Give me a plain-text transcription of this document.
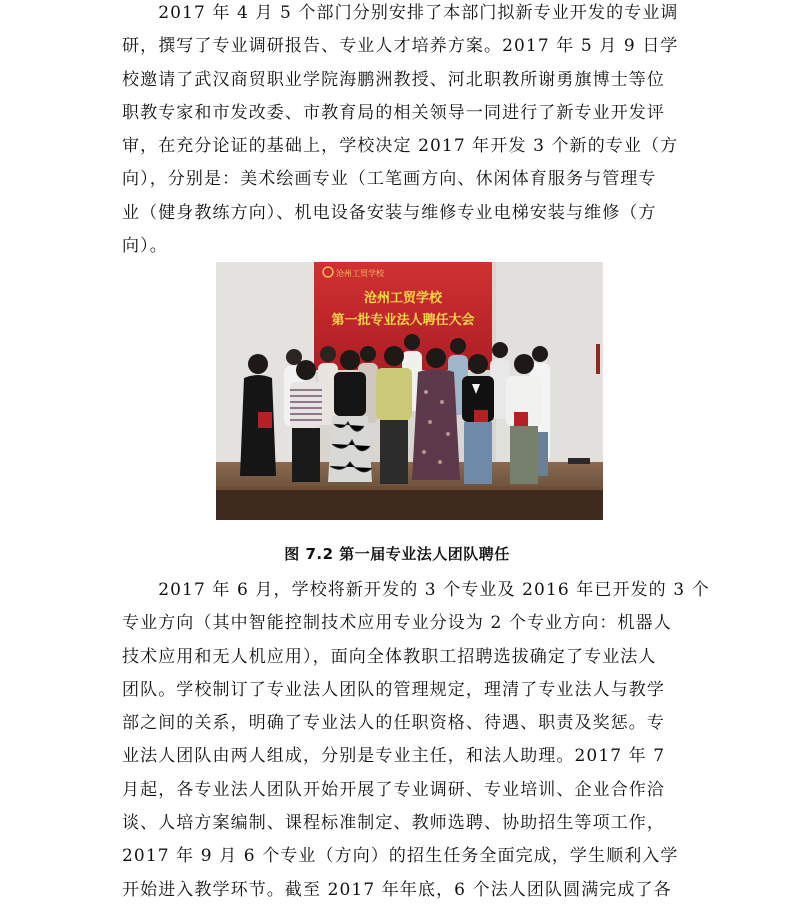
　　2017 年 4 月 5 个部门分别安排了本部门拟新专业开发的专业调
研，撰写了专业调研报告、专业人才培养方案。2017 年 5 月 9 日学
校邀请了武汉商贸职业学院海鹏洲教授、河北职教所谢勇旗博士等位
职教专家和市发改委、市教育局的相关领导一同进行了新专业开发评
审，在充分论证的基础上，学校决定 2017 年开发 3 个新的专业（方
向），分别是：美术绘画专业（工笔画方向、休闲体育服务与管理专
业（健身教练方向）、机电设备安装与维修专业电梯安装与维修（方
向）。
沧州工贸学校
沧州工贸学校
第一批专业法人聘任大会
图 7.2 第一届专业法人团队聘任
　　2017 年 6 月，学校将新开发的 3 个专业及 2016 年已开发的 3 个
专业方向（其中智能控制技术应用专业分设为 2 个专业方向：机器人
技术应用和无人机应用），面向全体教职工招聘选拔确定了专业法人
团队。学校制订了专业法人团队的管理规定，理清了专业法人与教学
部之间的关系，明确了专业法人的任职资格、待遇、职责及奖惩。专
业法人团队由两人组成，分别是专业主任，和法人助理。2017 年 7
月起，各专业法人团队开始开展了专业调研、专业培训、企业合作洽
谈、人培方案编制、课程标准制定、教师选聘、协助招生等项工作，
2017 年 9 月 6 个专业（方向）的招生任务全面完成，学生顺利入学
开始进入教学环节。截至 2017 年年底，6 个法人团队圆满完成了各
